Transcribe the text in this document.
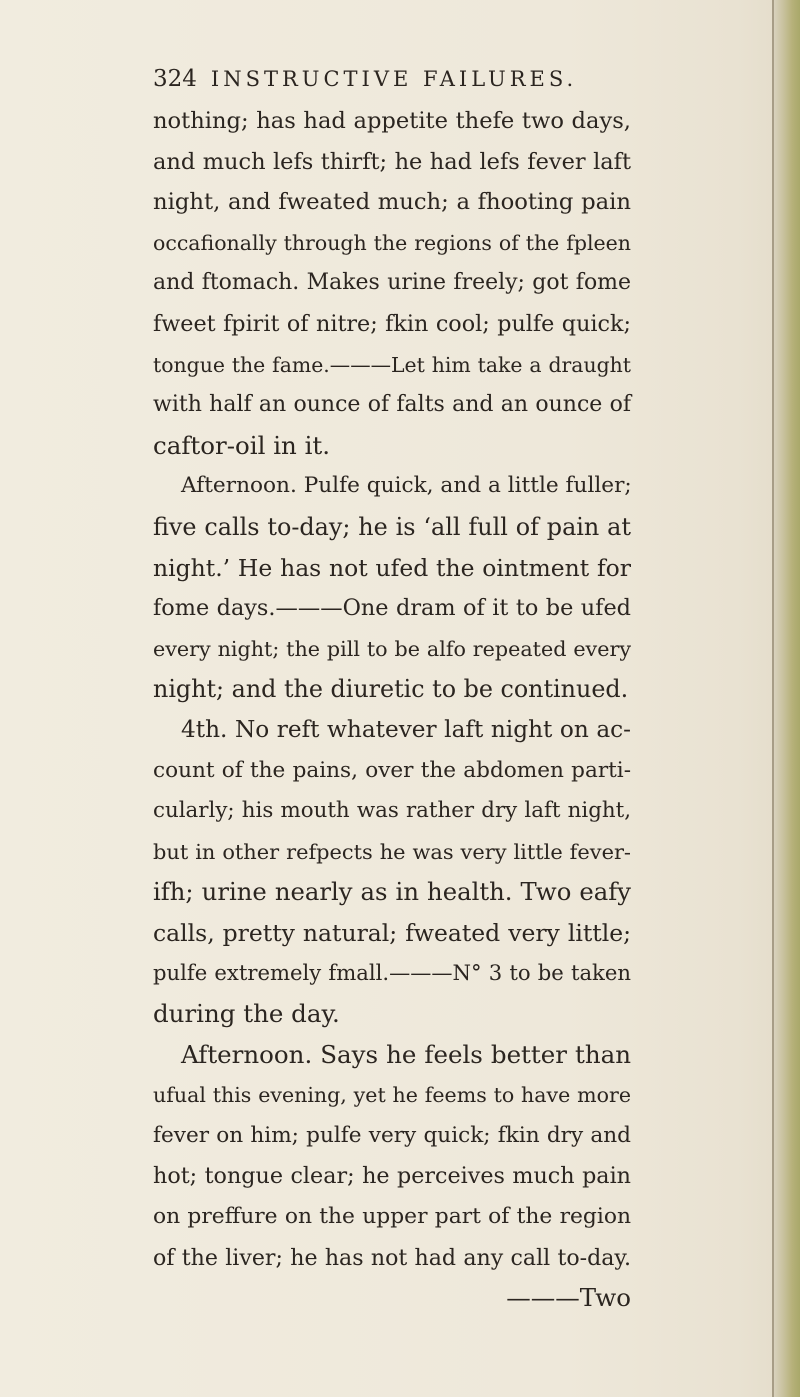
324 INSTRUCTIVE FAILURES.
nothing; has had appetite thefe two days,
and much lefs thirft; he had lefs fever laft
night, and fweated much; a fhooting pain
occafionally through the regions of the fpleen
and ftomach. Makes urine freely; got fome
fweet fpirit of nitre; fkin cool; pulfe quick;
tongue the fame.———Let him take a draught
with half an ounce of falts and an ounce of
caftor-oil in it.
Afternoon. Pulfe quick, and a little fuller;
five calls to-day; he is ‘all full of pain at
night.’ He has not ufed the ointment for
fome days.———One dram of it to be ufed
every night; the pill to be alfo repeated every
night; and the diuretic to be continued.
4th. No reft whatever laft night on ac-
count of the pains, over the abdomen parti-
cularly; his mouth was rather dry laft night,
but in other refpects he was very little fever-
ifh; urine nearly as in health. Two eafy
calls, pretty natural; fweated very little;
pulfe extremely fmall.———N° 3 to be taken
during the day.
Afternoon. Says he feels better than
ufual this evening, yet he feems to have more
fever on him; pulfe very quick; fkin dry and
hot; tongue clear; he perceives much pain
on preffure on the upper part of the region
of the liver; he has not had any call to-day.
———Two
